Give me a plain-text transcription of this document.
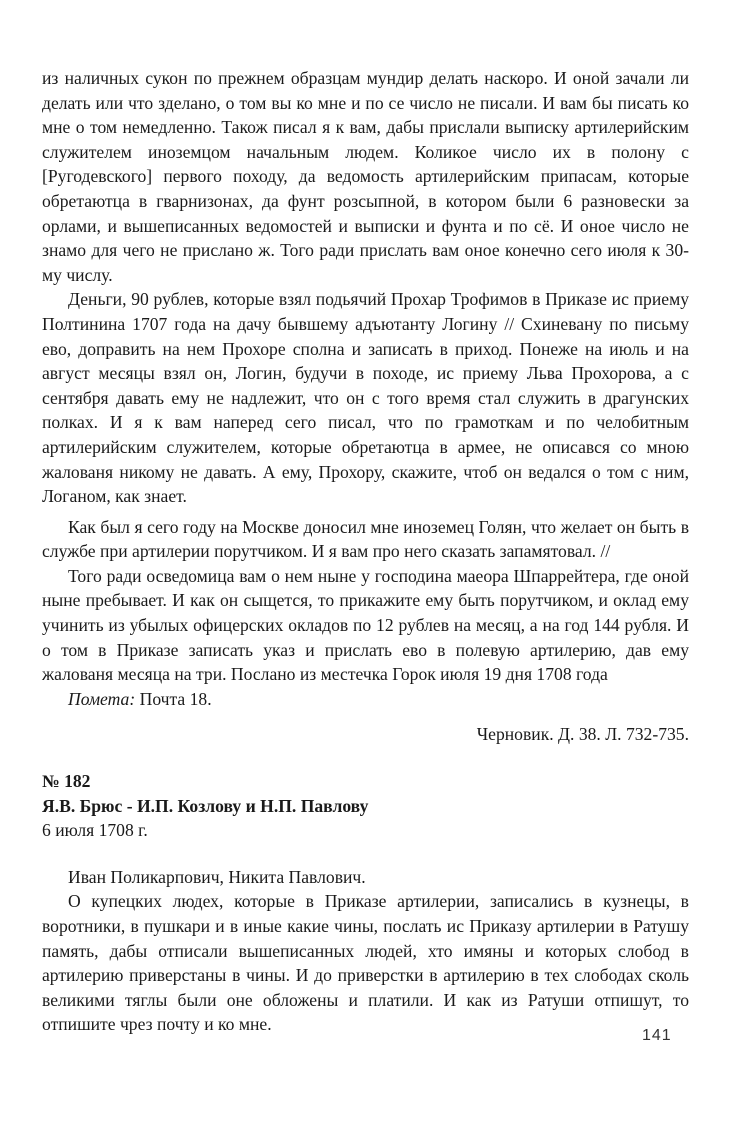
из наличных сукон по прежнем образцам мундир делать наскоро. И оной зачали ли делать или что зделано, о том вы ко мне и по се число не писали. И вам бы писать ко мне о том немедленно. Також писал я к вам, дабы прислали выписку артилерийским служителем иноземцом начальным людем. Коликое число их в полону с [Ругодевского] первого походу, да ведомость артилерийским припасам, которые обретаютца в гварнизонах, да фунт розсыпной, в котором были 6 разновески за орлами, и вышеписанных ведомостей и выписки и фунта и по сё. И оное число не знамо для чего не прислано ж. Того ради прислать вам оное конечно сего июля к 30-му числу.

Деньги, 90 рублев, которые взял подьячий Прохар Трофимов в Приказе ис приему Полтинина 1707 года на дачу бывшему адъютанту Логину // Схиневану по письму ево, доправить на нем Прохоре сполна и записать в приход. Понеже на июль и на август месяцы взял он, Логин, будучи в походе, ис приему Льва Прохорова, а с сентября давать ему не надлежит, что он с того время стал служить в драгунских полках. И я к вам наперед сего писал, что по грамоткам и по челобитным артилерийским служителем, которые обретаютца в армее, не описався со мною жалованя никому не давать. А ему, Прохору, скажите, чтоб он ведался о том с ним, Логаном, как знает.

Как был я сего году на Москве доносил мне иноземец Голян, что желает он быть в службе при артилерии порутчиком. И я вам про него сказать запамятовал. //

Того ради осведомица вам о нем ныне у господина маеора Шпаррейтера, где оной ныне пребывает. И как он сыщется, то прикажите ему быть порутчиком, и оклад ему учинить из убылых офицерских окладов по 12 рублев на месяц, а на год 144 рубля. И о том в Приказе записать указ и прислать ево в полевую артилерию, дав ему жалованя месяца на три. Послано из местечка Горок июля 19 дня 1708 года

Помета: Почта 18.

Черновик. Д. 38. Л. 732-735.
№ 182
Я.В. Брюс - И.П. Козлову и Н.П. Павлову
6 июля 1708 г.
Иван Поликарпович, Никита Павлович.

О купецких людех, которые в Приказе артилерии, записались в кузнецы, в воротники, в пушкари и в иные какие чины, послать ис Приказу артилерии в Ратушу память, дабы отписали вышеписанных людей, хто имяны и которых слобод в артилерию приверстаны в чины. И до приверстки в артилерию в тех слободах сколь великими тяглы были оне обложены и платили. И как из Ратуши отпишут, то отпишите чрез почту и ко мне.

141
